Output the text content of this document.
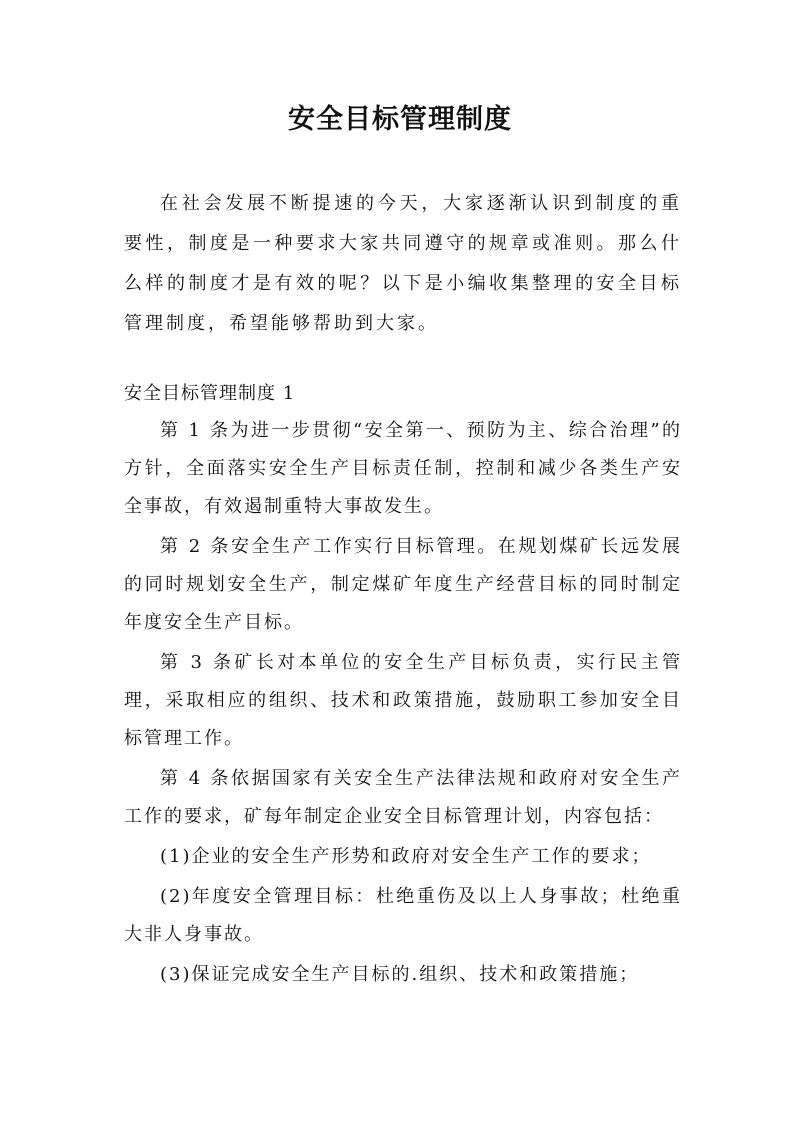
安全目标管理制度

在社会发展不断提速的今天，大家逐渐认识到制度的重要性，制度是一种要求大家共同遵守的规章或准则。那么什么样的制度才是有效的呢？以下是小编收集整理的安全目标管理制度，希望能够帮助到大家。

安全目标管理制度 1

第 1 条为进一步贯彻“安全第一、预防为主、综合治理”的方针，全面落实安全生产目标责任制，控制和减少各类生产安全事故，有效遏制重特大事故发生。

第 2 条安全生产工作实行目标管理。在规划煤矿长远发展的同时规划安全生产，制定煤矿年度生产经营目标的同时制定年度安全生产目标。

第 3 条矿长对本单位的安全生产目标负责，实行民主管理，采取相应的组织、技术和政策措施，鼓励职工参加安全目标管理工作。

第 4 条依据国家有关安全生产法律法规和政府对安全生产工作的要求，矿每年制定企业安全目标管理计划，内容包括：

(1)企业的安全生产形势和政府对安全生产工作的要求；

(2)年度安全管理目标：杜绝重伤及以上人身事故；杜绝重大非人身事故。

(3)保证完成安全生产目标的.组织、技术和政策措施；
